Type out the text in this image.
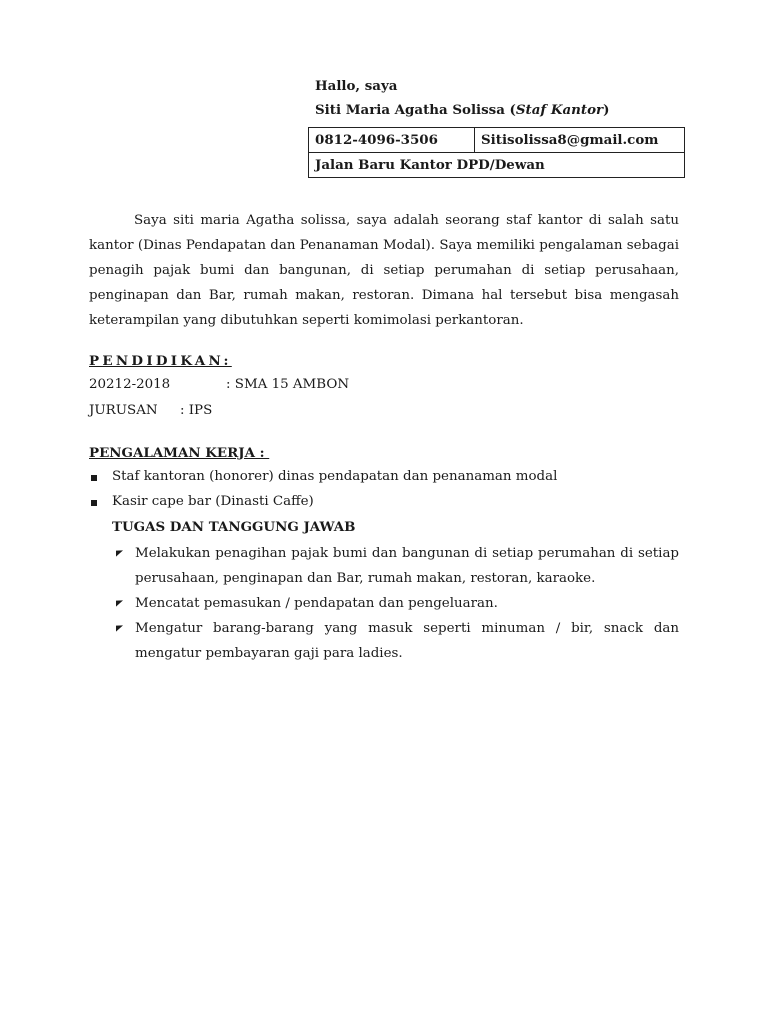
Hallo, saya
Siti Maria Agatha Solissa (Staf Kantor)
0812-4096-3506	Sitisolissa8@gmail.com
Jalan Baru Kantor DPD/Dewan
Saya siti maria Agatha solissa, saya adalah seorang staf kantor di salah satu kantor (Dinas Pendapatan dan Penanaman Modal). Saya memiliki pengalaman sebagai penagih pajak bumi dan bangunan, di setiap perumahan di setiap perusahaan, penginapan dan Bar, rumah makan, restoran. Dimana hal tersebut bisa mengasah keterampilan yang dibutuhkan seperti komimolasi perkantoran.
PENDIDIKAN:
20212-2018	: SMA 15 AMBON
JURUSAN : IPS
PENGALAMAN KERJA :
Staf kantoran (honorer) dinas pendapatan dan penanaman modal
Kasir cape bar (Dinasti Caffe)
TUGAS DAN TANGGUNG JAWAB
Melakukan penagihan pajak bumi dan bangunan di setiap perumahan di setiap perusahaan, penginapan dan Bar, rumah makan, restoran, karaoke.
Mencatat pemasukan / pendapatan dan pengeluaran.
Mengatur barang-barang yang masuk seperti minuman / bir, snack dan mengatur pembayaran gaji para ladies.
